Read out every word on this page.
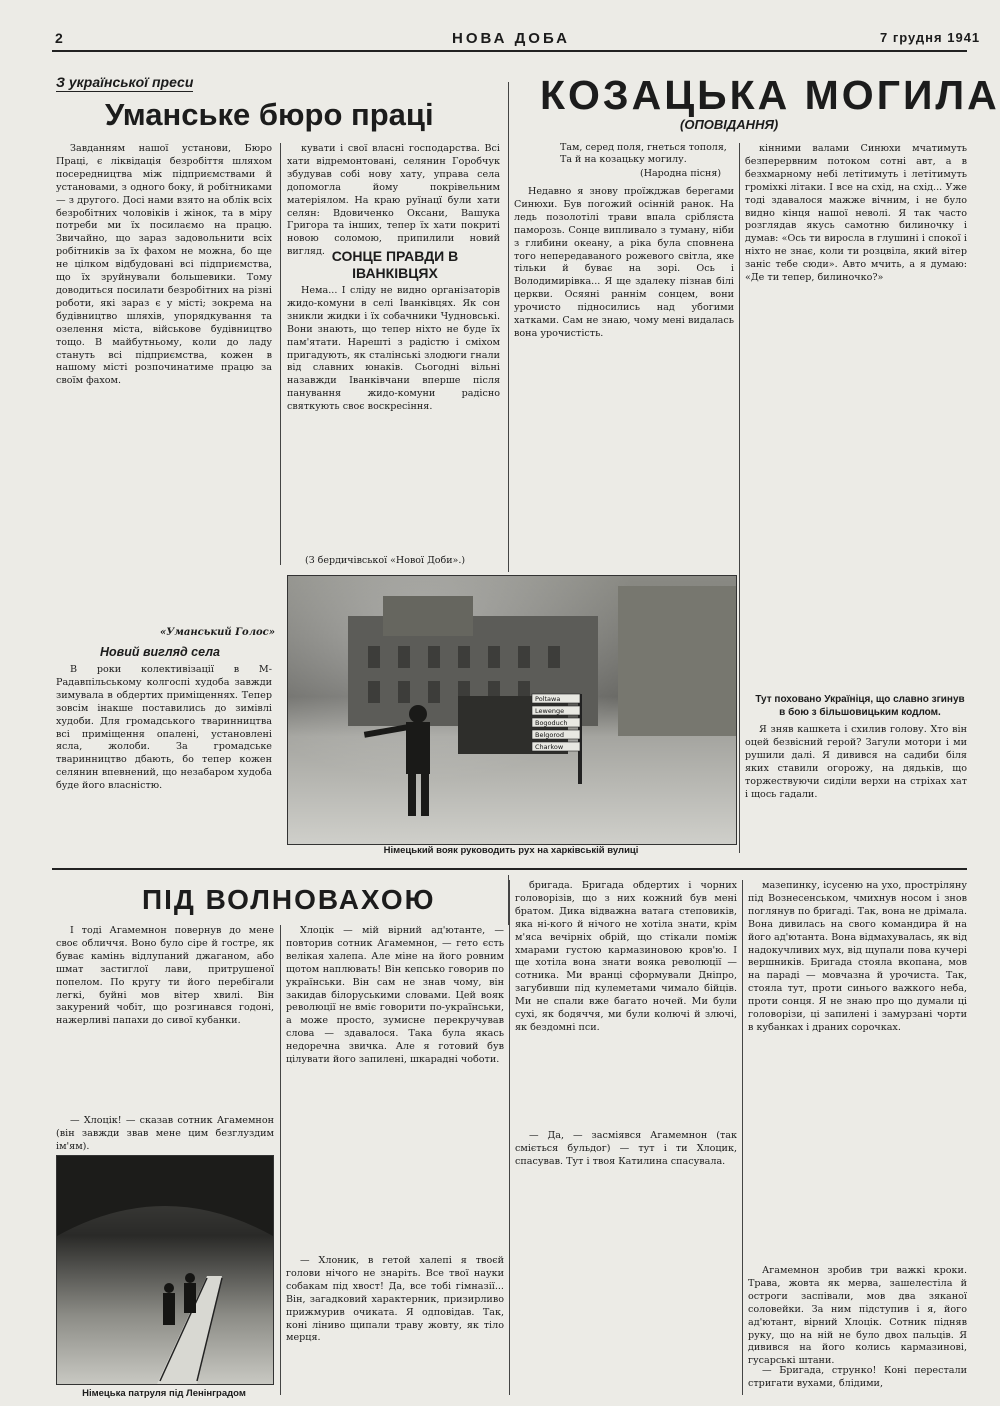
2	НОВА ДОБА	7 грудня 1941
З української преси
Уманське бюро праці

Завданням нашої установи, Бюро Праці, є ліквідація безробіття шляхом посередництва між підприємствами й установами, з одного боку, й робітниками — з другого. Досі нами взято на облік всіх безробітних чоловіків і жінок, та в міру потреби ми їх посилаємо на працю. Звичайно, що зараз задовольнити всіх робітників за їх фахом не можна, бо ще не цілком відбудовані всі підприємства, що їх зруйнували большевики. Тому доводиться посилати безробітних на різні роботи, які зараз є у місті; зокрема на будівництво шляхів, упорядкування та озелення міста, військове будівництво тощо. В майбутньому, коли до ладу стануть всі підприємства, кожен в нашому місті розпочинатиме працю за своїм фахом.

«Уманський Голос»
Новий вигляд села

В роки колективізації в М-Радавпільському колгоспі худоба завжди зимувала в обдертих приміщеннях. Тепер зовсім інакше поставились до зимівлі худоби. Для громадського тваринництва всі приміщення опалені, установлені ясла, жолоби. За громадське тваринництво дбають, бо тепер кожен селянин впевнений, що незабаром худоба буде його власністю.

кувати і свої власні господарства. Всі хати відремонтовані, селянин Горобчук збудував собі нову хату, управа села допомогла йому покрівельним матеріялом. На краю руїнацї були хати селян: Вдовиченко Оксани, Вашука Григора та інших, тепер їх хати покриті новою соломою, припилили новий вигляд. СОНЦЕ ПРАВДИ В ІВАНКІВЦЯХ

Нема... І сліду не видно організаторів жидо-комуни в селі Іванківцях. Як сон зникли жидки і їх собачники Чудновські. Вони знають, що тепер ніхто не буде їх пам'ятати. Нарешті з радістю і сміхом пригадують, як сталінські злодюги гнали від славних юнаків. Сьогодні вільні назавжди Іванківчани вперше після панування жидо-комуни радісно святкують своє воскресіння.

(З бердичівської «Нової Доби».)
КОЗАЦЬКА МОГИЛА
(ОПОВІДАННЯ)
Там, серед поля, гнеться тополя, Та й на козацьку могилу.
(Народна пісня)

Недавно я знову проїжджав берегами Синюхи. Був погожий осінній ранок. На ледь позолотілі трави впала срібляста паморозь. Сонце випливало з туману, ніби з глибини океану, а ріка була сповнена того непередаваного рожевого світла, яке тільки й буває на зорі. Ось і Володимирівка... Я ще здалеку пізнав білі церкви. Осяяні раннім сонцем, вони урочисто підносились над убогими хатками. Сам не знаю, чому мені видалась вона урочистість.

кінними валами Синюхи мчатимуть безперервним потоком сотні авт, а в безхмарному небі летітимуть і летітимуть громіхкі літаки. І все на схід, на схід... Уже тоді здавалося мажже вічним, і не було видно кінця нашої неволі. Я так часто розглядав якусь самотню билиночку і думав: «Ось ти виросла в глушині і спокої і ніхто не знає, коли ти розцвіла, який вітер заніс тебе сюди». Авто мчить, а я думаю: «Де ти тепер, билиночко?»

Тут поховано Україніця, що славно згинув в бою з більшовицьким кодлом.

Я зняв кашкета і схилив голову. Хто він оцей безвісний герой? Загули мотори і ми рушили далі. Я дивився на садиби біля яких ставили огорожу, на дядьків, що торжествуючи сиділи верхи на стріхах хат і щось гадали.

Poltawa
Lewenge
Bogoduch
Belgorod
Charkow
Німецький вояк руководить рух на харківській вулиці
ПІД ВОЛНОВАХОЮ

І тоді Агамемнон повернув до мене своє обличчя. Воно було сіре й гостре, як буває камінь відлупаний джаганом, або шмат застиглої лави, притрушеної попелом. По кругу ти його перебігали легкі, буйні мов вітер хвилі. Він закурений чобіт, що розгинався годоні, нажерливі папахи до сивої кубанки.

— Хлоцік! — сказав сотник Агамемнон (він завжди звав мене цим безглуздим ім'ям).

Німецька патруля під Ленінградом

Хлоцік — мій вірний ад'ютанте, — повторив сотник Агамемнон, — гето єсть велікая халепа. Але міне на його ровним щотом наплювать! Він кепсько говорив по українськи. Він сам не знав чому, він закидав білоруськими словами. Цей вояк революції не вміє говорити по-українськи, а може просто, зумисне перекручував слова — здавалося. Така була якась недоречна звичка. Але я готовий був цілувати його запилені, шкарадні чоботи.

— Хлоник, в гетой халепі я твоєй голови нічого не знаріть. Все твої науки собакам під хвост! Да, все тобі гімназії... Він, загадковий характерник, призирливо прижмурив очиката. Я одповідав. Так, коні ліниво щипали траву жовту, як тіло мерця.

бригада. Бригада обдертих і чорних головорізів, що з них кожний був мені братом. Дика відважна ватага степовиків, яка ні-кого й нічого не хотіла знати, крім м'яса вечірніх обрій, що стікали поміж хмарами густою кармазиновою кров'ю. І ще хотіла вона знати вояка революції — сотника. Ми вранці сформували Дніпро, загубивши під кулеметами чимало бійців. Ми не спали вже багато ночей. Ми були сухі, як бодяччя, ми були колючі й злючі, як бездомні пси.

— Да, — засміявся Агамемнон (так сміється бульдог) — тут і ти Хлоцик, спасував. Тут і твоя Катилина спасувала.

мазепинку, ісусеню на ухо, простріляну під Вознесенськом, чмихнув носом і знов поглянув по бригаді. Так, вона не дрімала. Вона дивилась на свого командира й на його ад'ютанта. Вона відмахувалась, як від надокучливих мух, від щупали пова кучері вершників. Бригада стояла вкопана, мов на параді — мовчазна й урочиста. Так, стояла тут, проти синього важкого неба, проти сонця. Я не знаю про що думали ці головорізи, ці запилені і замурзані чорти в кубанках і драних сорочках.

Агамемнон зробив три важкі кроки. Трава, жовта як мерва, зашелестіла й остроги заспівали, мов два зяканої соловейки. За ним підступив і я, його ад'ютант, вірний Хлоцік. Сотник підняв руку, що на ній не було двох пальців. Я дивився на його колись кармазинові, гусарські штани.

— Бригада, струнко! Коні перестали стригати вухами, блідими,
